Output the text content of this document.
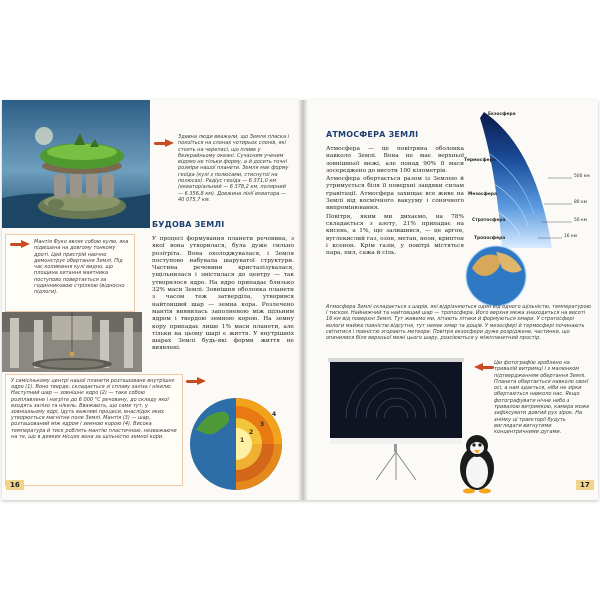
Здавна люди вважали, що Земля пласка і покоїться на слонах чотирьох слонів, які стоять на черепасі, що пливе у безкрайньому океані. Сучасним ученим відомо не тільки форму, а й досить точні розміри нашої планети. Земля має форму геоїда (кулі з полюсами, стиснутої на полюсах). Радіус геоїда — 6 371,0 км (екваторіальний — 6 378,2 км, полярний — 6 356,8 км). Довжина лінії екватора — 40 075,7 км.

Мантія Фуко являє собою кулю, яка підвішена на довгому тонкому дроті. Цей пристрій наочно демонструє обертання Землі. Під час коливання кулі видно, що площина хитання маятника поступово повертається за годинниковою стрілкою (відносно підлоги).

БУДОВА ЗЕМЛІ

У процесі формування планети речовина, з якої вона утворилася, була дуже сильно розігріта. Вона охолоджувалася, і Земля поступово набувала шаруватої структури. Частина речовини кристалізувалася, ущільнилася і змістилася до центру — так утворилося ядро. На ядро припадає близько 32% маси Землі. Зовнішня оболонка планети з часом теж затверділа, утворився найтонший шар — земна кора. Розлечено мантія виявилась заполненою між щільним ядром і твердою земною корою. На земну кору припадає лише 1% маси планети, але тільки на цьому шарі є життя. У внутрішніх шарах Землі будь-які форми життя не виявлені.

У самісінькому центрі нашої планети розташоване внутрішнє ядро (1). Воно тверде, складається зі сплаву заліза і нікелю. Наступний шар — зовнішнє ядро (2) — таке собою розплавлене і нагріте до 6 000 °С речовину, до складу якої входять залізо та нікель. Вважають, що саме тут, у зовнішньому ядрі, ідуть важливі процеси, внаслідок яких утворюється магнітне поле Землі. Мантія (3) — шар, розташований між ядром і земною корою (4). Висока температура й тиск роблять мантію пластичною, незважаючи на те, що в деяких місцях вона за щільністю земної кори.

1
2
3
4
16

АТМОСФЕРА ЗЕМЛІ

Атмосфера — це повітряна оболонка навколо Землі. Вона не має верхньої зовнішньої межі, але понад 90% її маси зосереджено до висоти 100 кілометрів.

Атмосфера обертається разом із Землею й утримується біля її поверхні завдяки силам гравітації. Атмосфера захищає все живе на Землі від космічного вакууму і сонячного випромінювання.

Повітря, яким ми дихаємо, на 78% складається з азоту, 21% припадає на кисень, а 1%, що залишився, — це аргон, вуглекислий газ, озон, метан, неон, криптон і ксенон. Крім газів, у повітрі містяться пара, пил, сажа й сіль.

Екзосфера
Термосфера
Мезосфера
Стратосфера
Тропосфера
500 км
80 км
50 км
16 км

Атмосфера Землі складається з шарів, які відрізняються один від одного щільністю, температурою і тиском. Найнижчий та найтовщий шар — тропосфера. Його верхня межа знаходиться на висоті 16 км від поверхні Землі. Тут живемо ми, літають літаки й формуються хмари. У стратосфері вологи майже повністю відсутня, тут немає хмар та дощів. У мезосфері й термосфері починають світитися і повністю згорають метеори. Повітря екзосфери дуже розріджене, частинки, що опинилися біля верхньої межі цього шару, розсіюються у міжпланетний простір.

Цю фотографію зроблено на тривалій витримці і з малюнком підтвердженням обертання Землі. Планета обертається навколо своєї осі, а нам здається, ніби не зірки обертаються навколо нас. Якщо фотографувати нічне небо з тривалою витримкою, камера може зафіксувати довгий рух зірок. На знімку ці траєкторії будуть виглядати вигнутими концентричними дугами.

17
